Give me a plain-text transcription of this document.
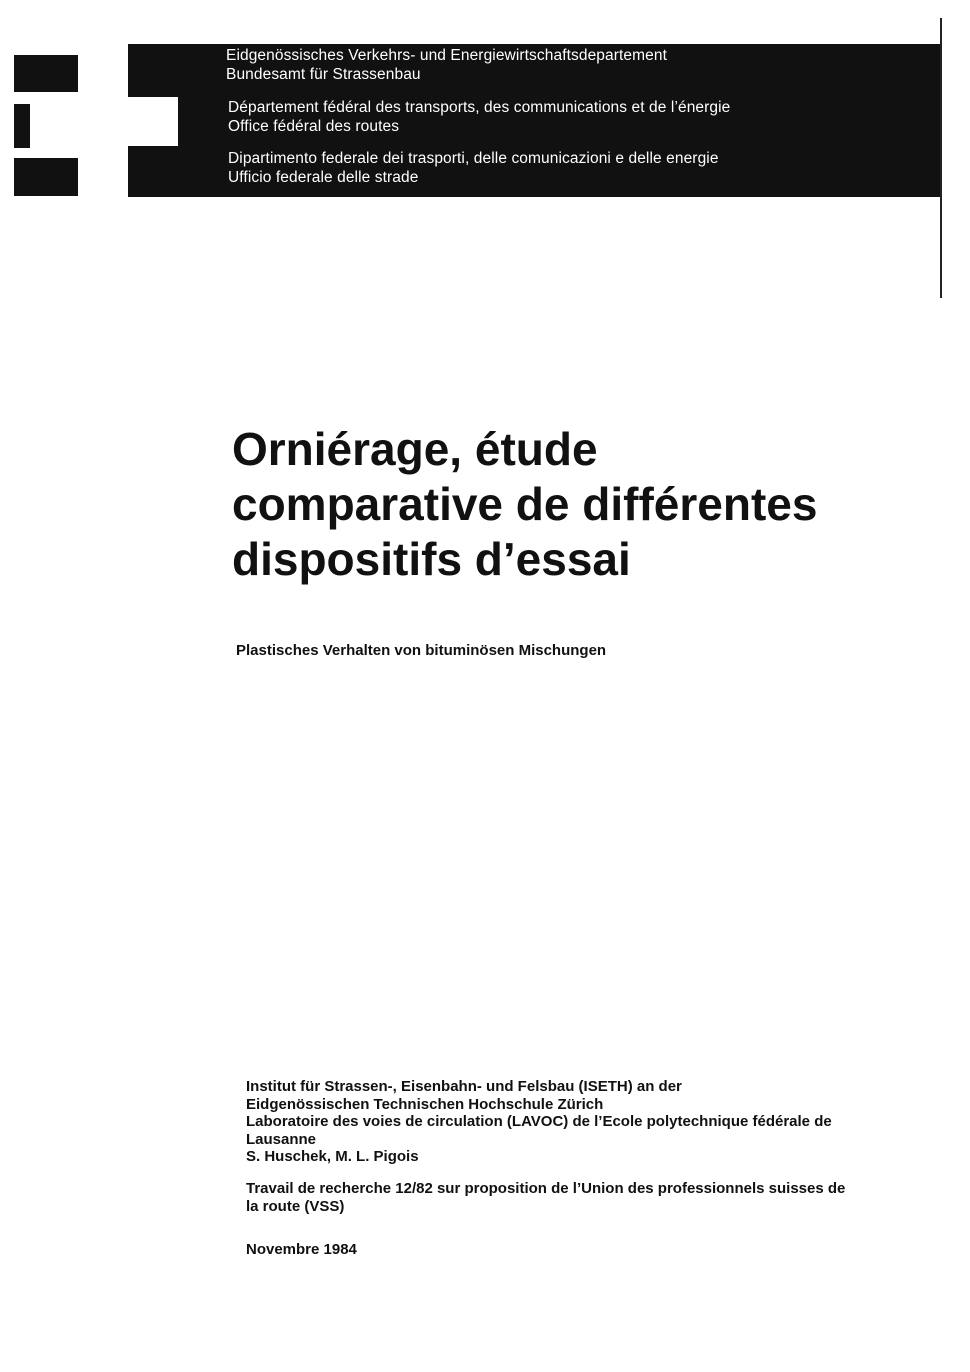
Eidgenössisches Verkehrs- und Energiewirtschaftsdepartement
Bundesamt für Strassenbau
Département fédéral des transports, des communications et de l’énergie
Office fédéral des routes
Dipartimento federale dei trasporti, delle comunicazioni e delle energie
Ufficio federale delle strade
Orniérage, étude
comparative de différentes
dispositifs d’essai

Plastisches Verhalten von bituminösen Mischungen

Institut für Strassen-, Eisenbahn- und Felsbau (ISETH) an der
Eidgenössischen Technischen Hochschule Zürich
Laboratoire des voies de circulation (LAVOC) de l’Ecole polytechnique fédérale de
Lausanne
S. Huschek, M. L. Pigois
Travail de recherche 12/82 sur proposition de l’Union des professionnels suisses de
la route (VSS)
Novembre 1984
